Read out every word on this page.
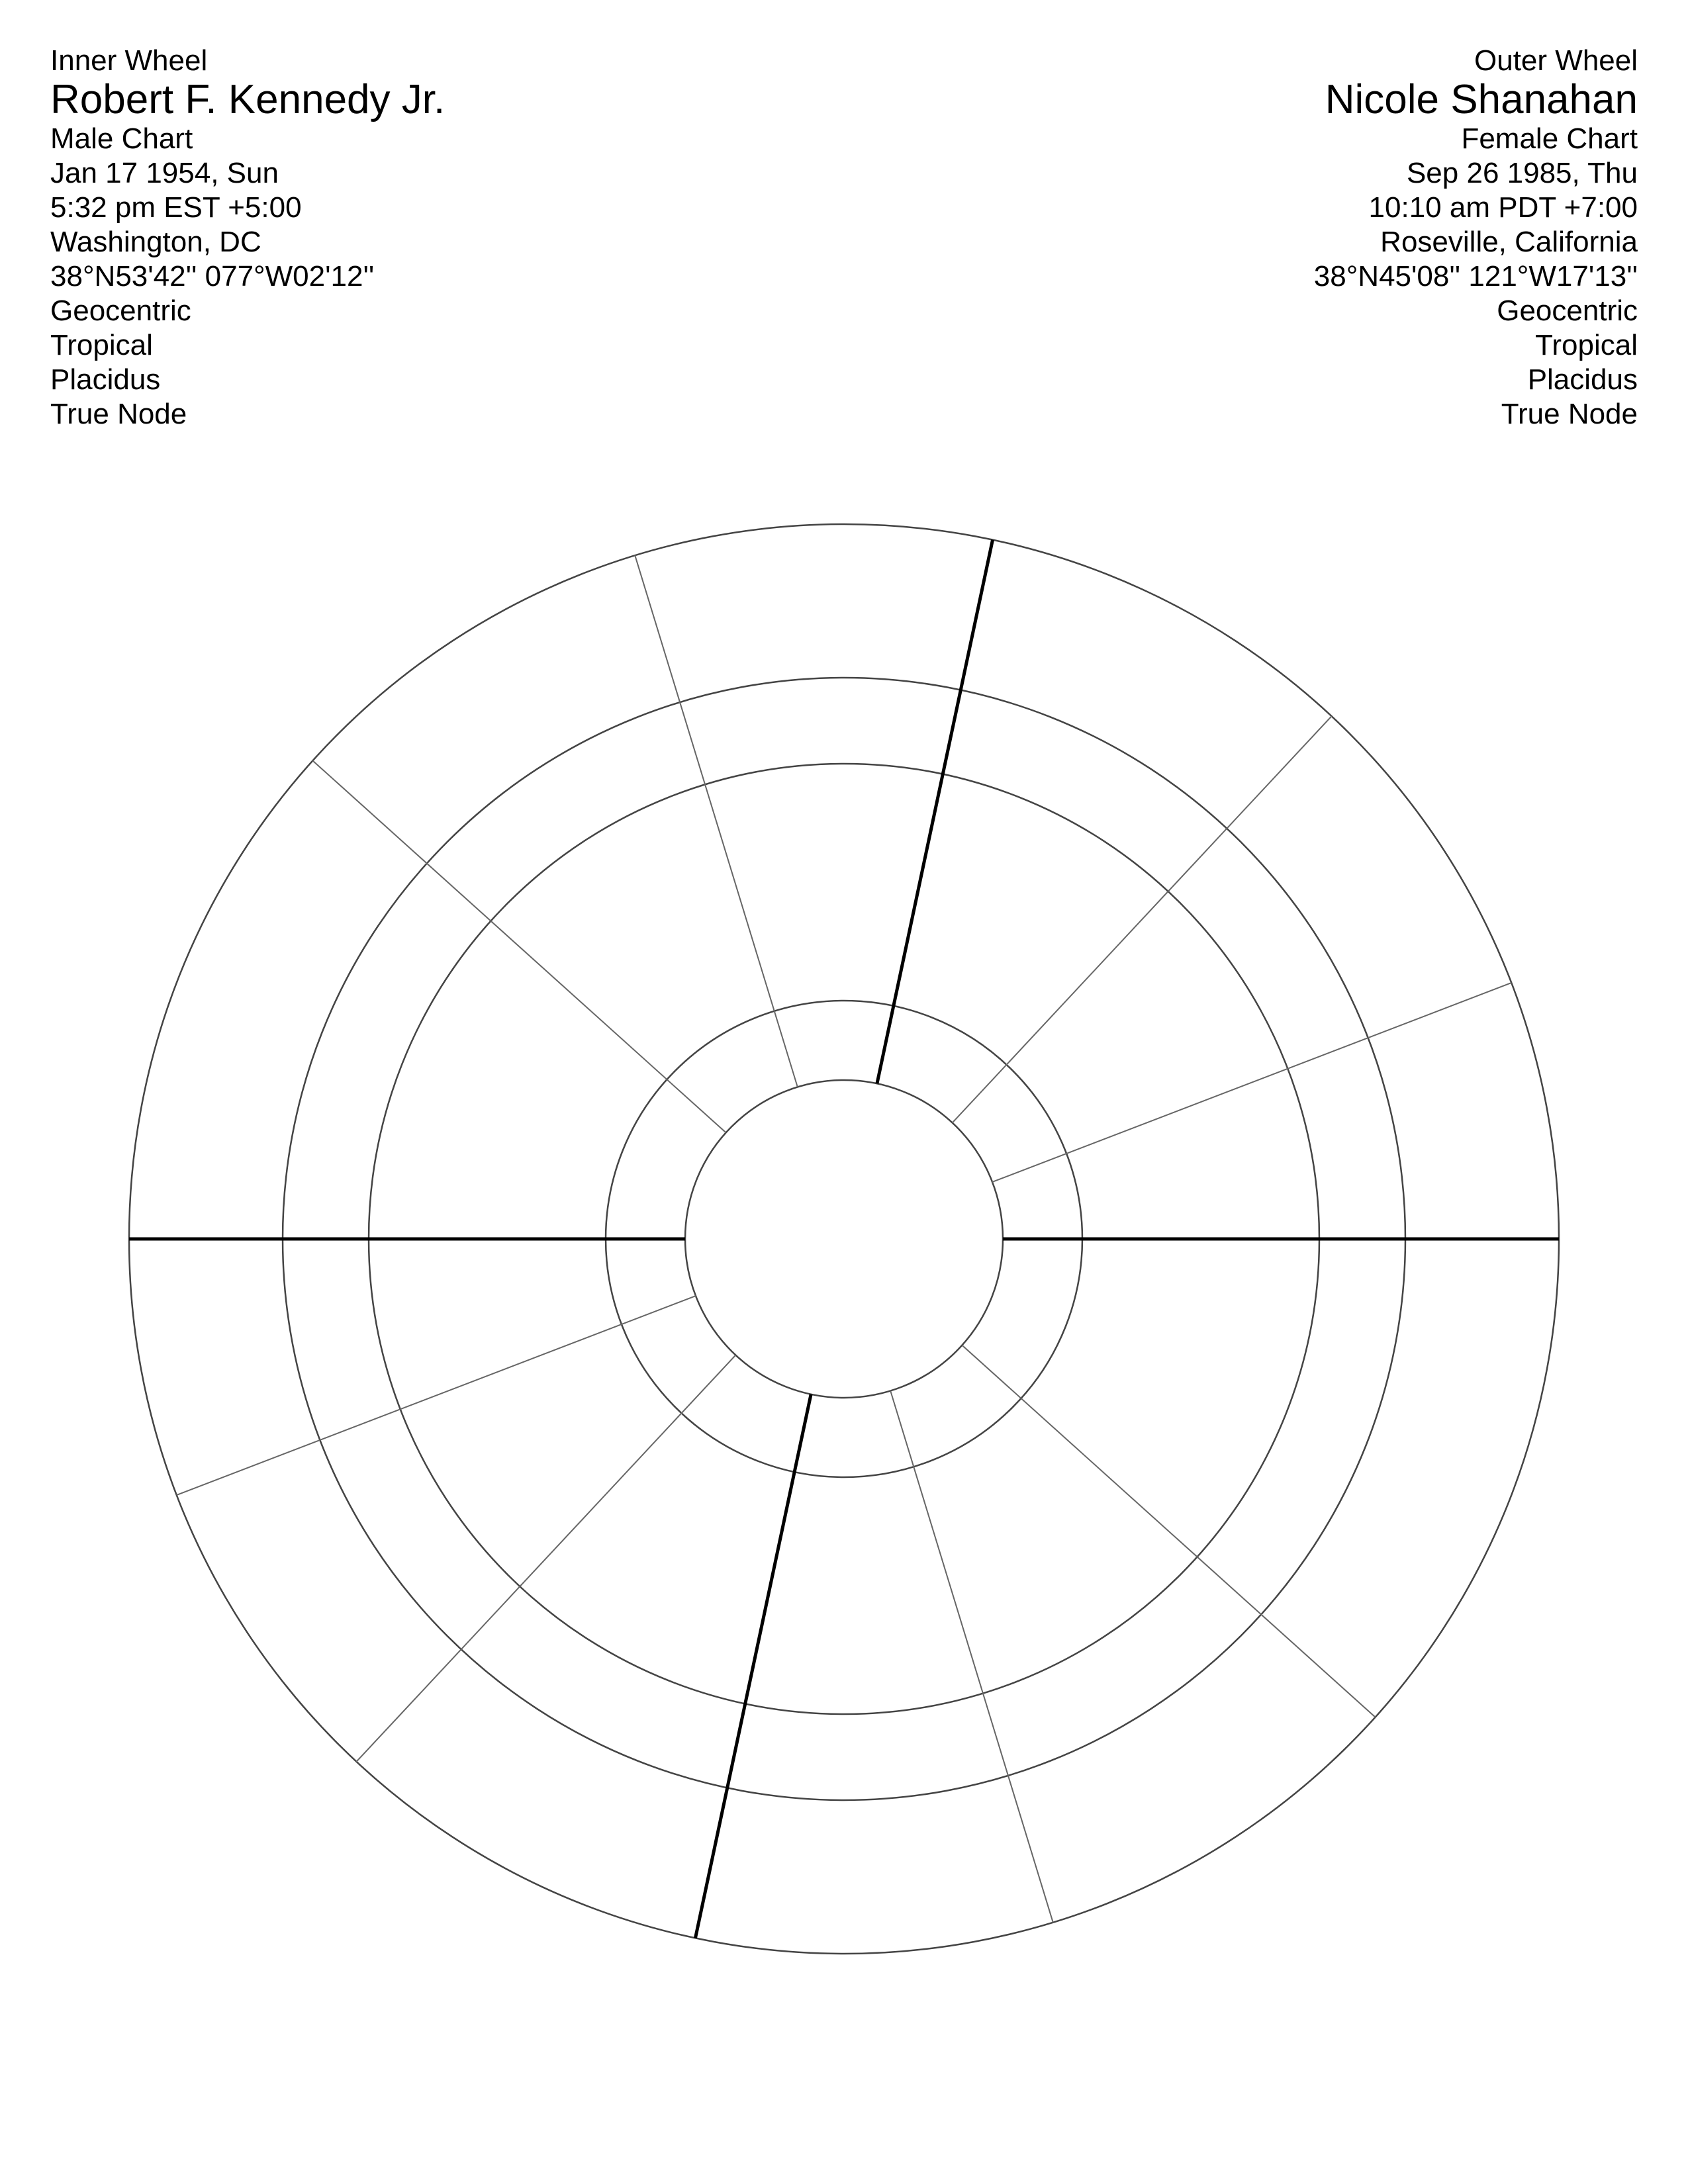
Inner Wheel
Robert F. Kennedy Jr.
Male Chart
Jan 17 1954, Sun
5:32 pm EST +5:00
Washington, DC
38°N53'42'' 077°W02'12''
Geocentric
Tropical
Placidus
True Node
Outer Wheel
Nicole Shanahan
Female Chart
Sep 26 1985, Thu
10:10 am PDT +7:00
Roseville, California
38°N45'08'' 121°W17'13''
Geocentric
Tropical
Placidus
True Node
